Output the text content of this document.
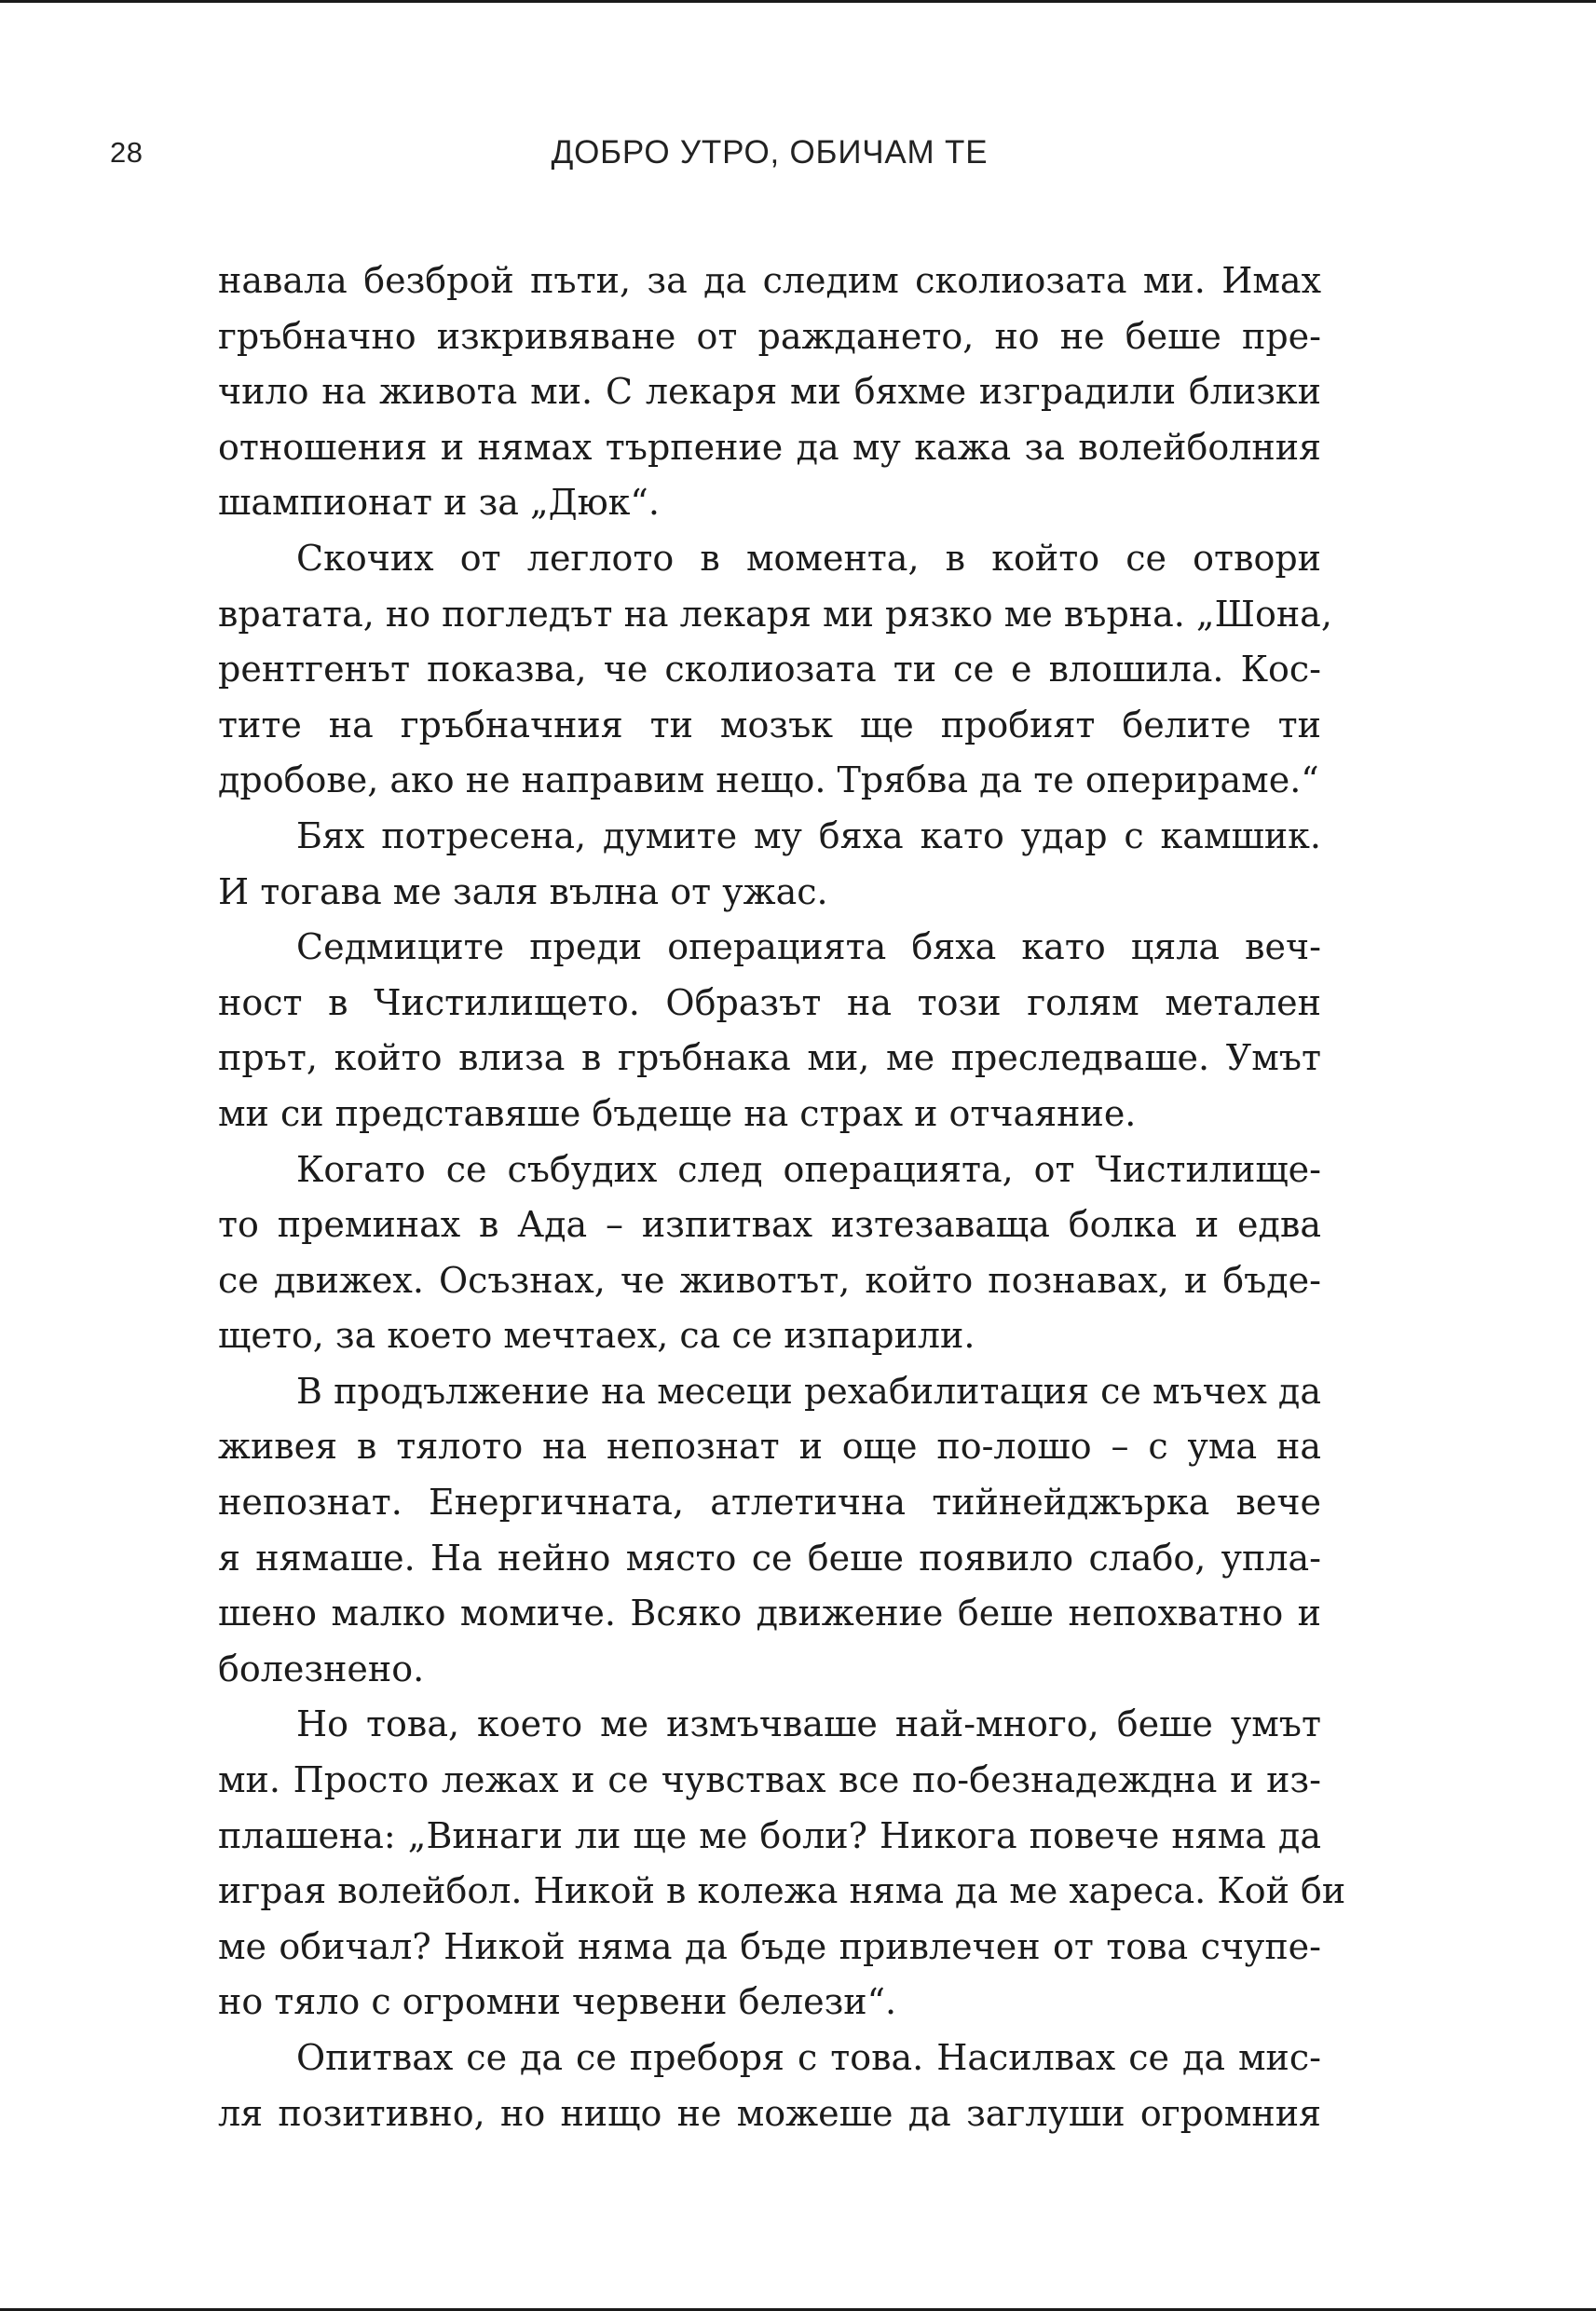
28	ДОБРО УТРО, ОБИЧАМ ТЕ
навала безброй пъти, за да следим сколиозата ми. Имах
гръбначно изкривяване от раждането, но не беше пре-
чило на живота ми. С лекаря ми бяхме изградили близки
отношения и нямах търпение да му кажа за волейболния
шампионат и за „Дюк“.
Скочих от леглото в момента, в който се отвори
вратата, но погледът на лекаря ми рязко ме върна. „Шона,
рентгенът показва, че сколиозата ти се е влошила. Кос-
тите на гръбначния ти мозък ще пробият белите ти
дробове, ако не направим нещо. Трябва да те оперираме.“
Бях потресена, думите му бяха като удар с камшик.
И тогава ме заля вълна от ужас.
Седмиците преди операцията бяха като цяла веч-
ност в Чистилището. Образът на този голям метален
прът, който влиза в гръбнака ми, ме преследваше. Умът
ми си представяше бъдеще на страх и отчаяние.
Когато се събудих след операцията, от Чистилище-
то преминах в Ада – изпитвах изтезаваща болка и едва
се движех. Осъзнах, че животът, който познавах, и бъде-
щето, за което мечтаех, са се изпарили.
В продължение на месеци рехабилитация се мъчех да
живея в тялото на непознат и още по-лошо – с ума на
непознат. Енергичната, атлетична тийнейджърка вече
я нямаше. На нейно място се беше появило слабо, упла-
шено малко момиче. Всяко движение беше непохватно и
болезнено.
Но това, което ме измъчваше най-много, беше умът
ми. Просто лежах и се чувствах все по-безнадеждна и из-
плашена: „Винаги ли ще ме боли? Никога повече няма да
играя волейбол. Никой в колежа няма да ме хареса. Кой би
ме обичал? Никой няма да бъде привлечен от това счупе-
но тяло с огромни червени белези“.
Опитвах се да се преборя с това. Насилвах се да мис-
ля позитивно, но нищо не можеше да заглуши огромния
